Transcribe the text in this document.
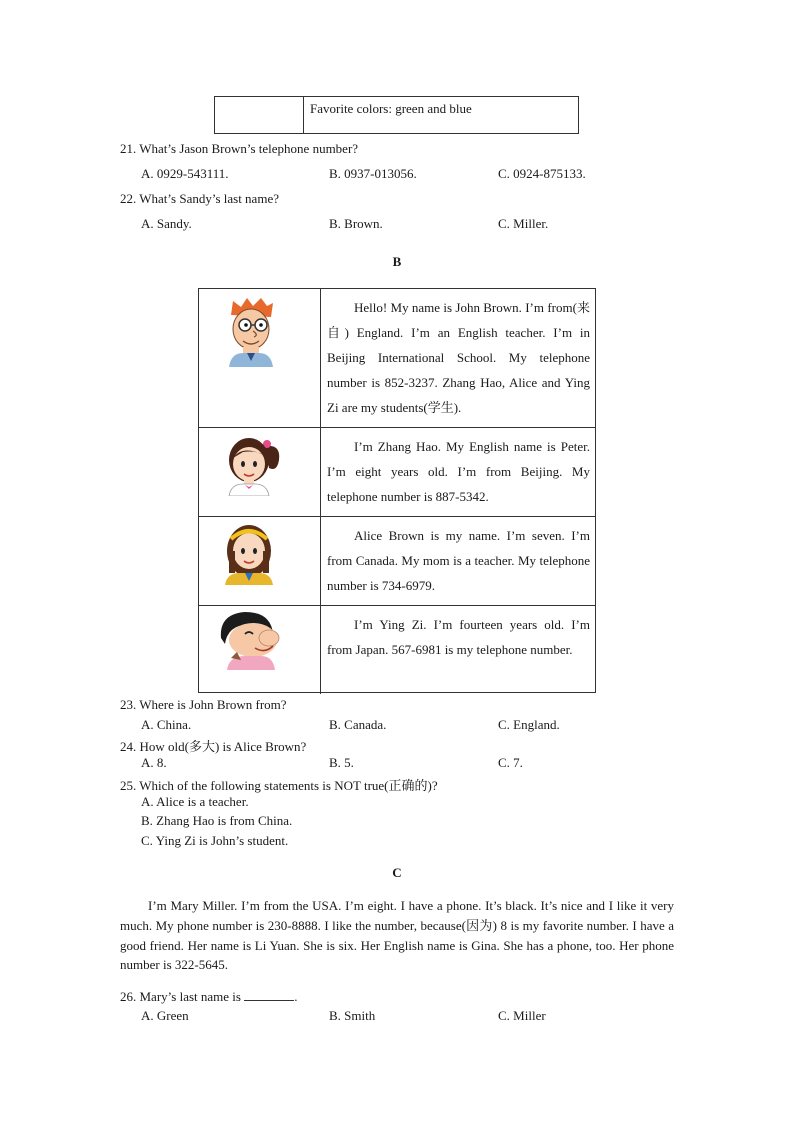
Favorite colors: green and blue
21. What’s Jason Brown’s telephone number?
A. 0929-543111.	B. 0937-013056.	C. 0924-875133.
22. What’s Sandy’s last name?
A. Sandy.	B. Brown.	C. Miller.
B
Hello! My name is John Brown. I’m from(来自) England. I’m an English teacher. I’m in Beijing International School. My telephone number is 852-3237. Zhang Hao, Alice and Ying Zi are my students(学生).
I’m Zhang Hao. My English name is Peter. I’m eight years old. I’m from Beijing. My telephone number is 887-5342.
Alice Brown is my name. I’m seven. I’m from Canada. My mom is a teacher. My telephone number is 734-6979.
I’m Ying Zi. I’m fourteen years old. I’m from Japan. 567-6981 is my telephone number.
23. Where is John Brown from?
A. China.	B. Canada.	C. England.
24. How old(多大) is Alice Brown?
A. 8.	B. 5.	C. 7.
25. Which of the following statements is NOT true(正确的)?
A. Alice is a teacher.
B. Zhang Hao is from China.
C. Ying Zi is John’s student.
C
I’m Mary Miller. I’m from the USA. I’m eight. I have a phone. It’s black. It’s nice and I like it very much. My phone number is 230-8888. I like the number, because(因为) 8 is my favorite number. I have a good friend. Her name is Li Yuan. She is six. Her English name is Gina. She has a phone, too. Her phone number is 322-5645.
26. Mary’s last name is	.
A. Green	B. Smith	C. Miller
